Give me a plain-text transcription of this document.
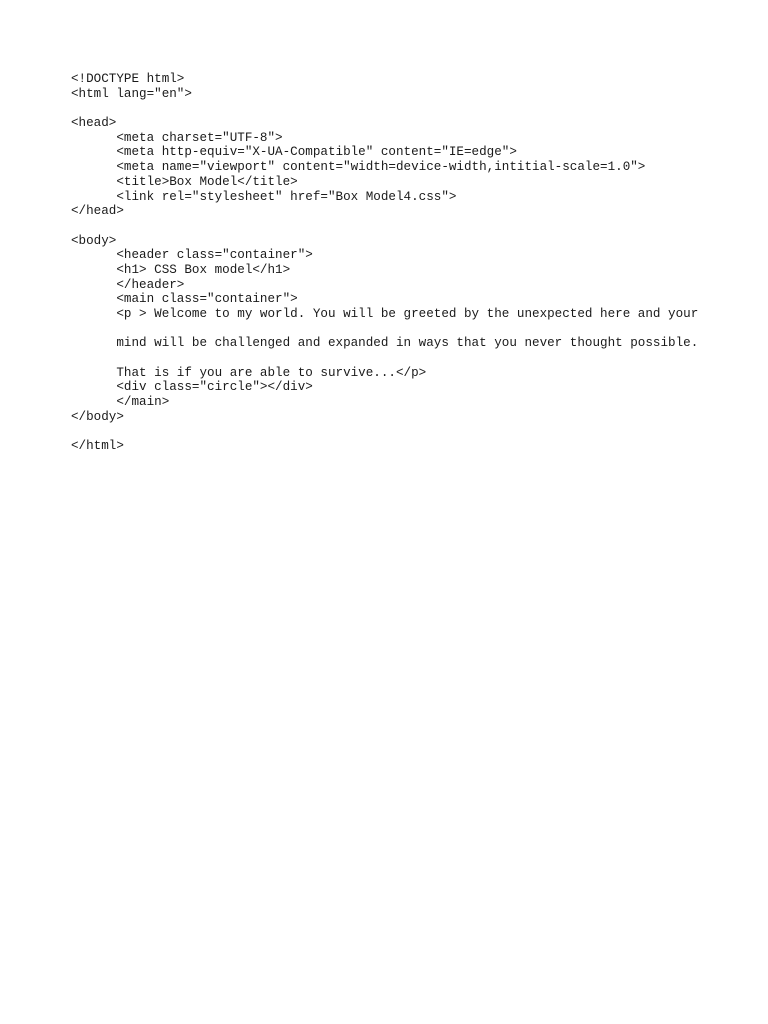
<!DOCTYPE html>
<html lang="en">
<head>
<meta charset="UTF-8">
<meta http-equiv="X-UA-Compatible" content="IE=edge">
<meta name="viewport" content="width=device-width,intitial-scale=1.0">
<title>Box Model</title>
<link rel="stylesheet" href="Box Model4.css">
</head>
<body>
<header class="container">
<h1> CSS Box model</h1>
</header>
<main class="container">
<p > Welcome to my world. You will be greeted by the unexpected here and your
mind will be challenged and expanded in ways that you never thought possible.
That is if you are able to survive...</p>
<div class="circle"></div>
</main>
</body>
</html>
